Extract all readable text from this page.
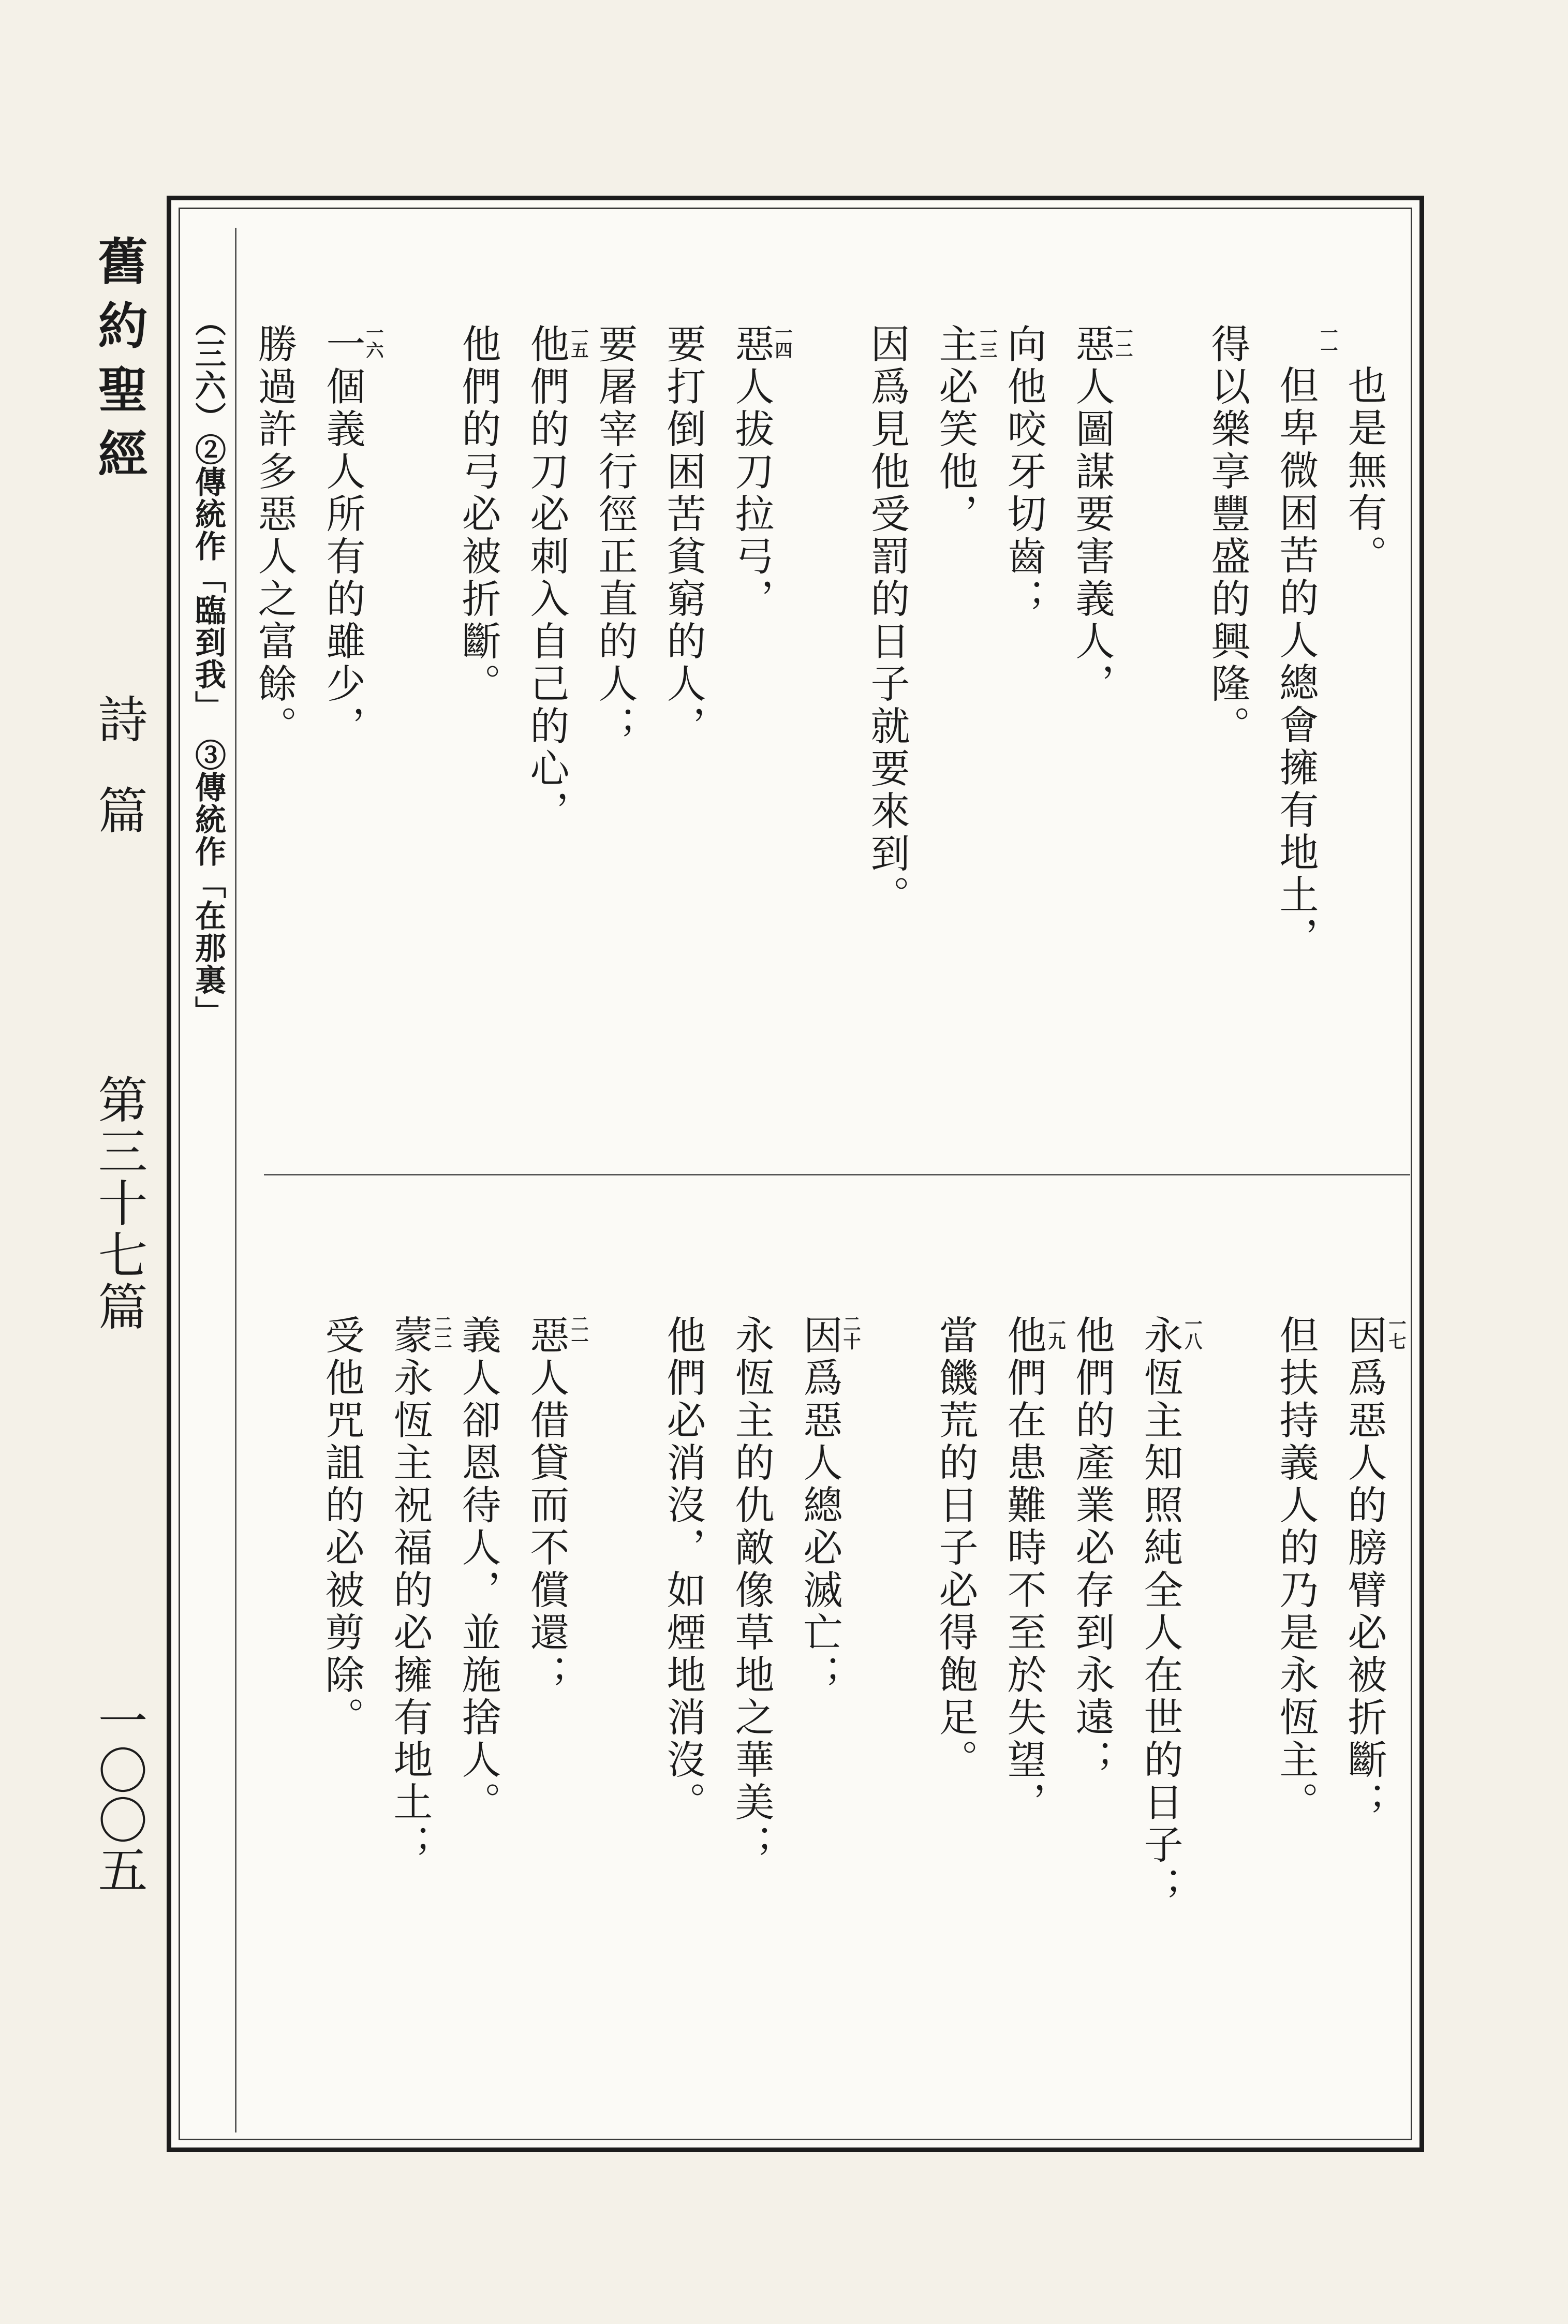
舊約聖經
詩篇
第三十七篇
一〇〇五
也是無有。
一一
但卑微困苦的人總會擁有地土，
得以樂享豐盛的興隆。
一二
惡人圖謀要害義人，
向他咬牙切齒；
一三
主必笑他，
因爲見他受罰的日子就要來到。
一四
惡人拔刀拉弓，
要打倒困苦貧窮的人，
要屠宰行徑正直的人；
一五
他們的刀必刺入自己的心，
他們的弓必被折斷。
一六
一個義人所有的雖少，
勝過許多惡人之富餘。
一七
因爲惡人的膀臂必被折斷；
但扶持義人的乃是永恆主。
一八
永恆主知照純全人在世的日子；
他們的產業必存到永遠；
一九
他們在患難時不至於失望，
當饑荒的日子必得飽足。
二十
因爲惡人總必滅亡；
永恆主的仇敵像草地之華美；
他們必消沒，如煙地消沒。
二一
惡人借貸而不償還；
義人卻恩待人，並施捨人。
二二
蒙永恆主祝福的必擁有地土；
受他咒詛的必被剪除。
（三六）②傳統作「臨到我」　③傳統作「在那裏」
